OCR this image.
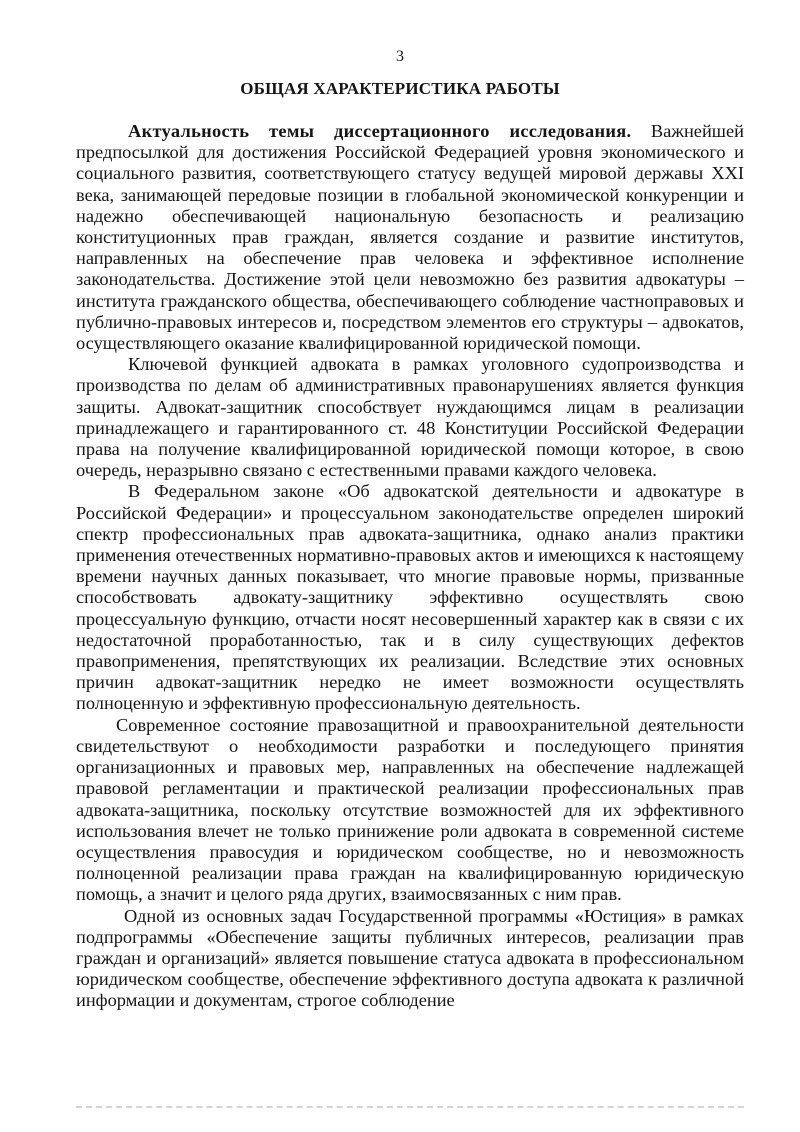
3
ОБЩАЯ ХАРАКТЕРИСТИКА РАБОТЫ

Актуальность темы диссертационного исследования. Важнейшей предпосылкой для достижения Российской Федерацией уровня экономического и социального развития, соответствующего статусу ведущей мировой державы XXI века, занимающей передовые позиции в глобальной экономической конкуренции и надежно обеспечивающей национальную безопасность и реализацию конституционных прав граждан, является создание и развитие институтов, направленных на обеспечение прав человека и эффективное исполнение законодательства. Достижение этой цели невозможно без развития адвокатуры – института гражданского общества, обеспечивающего соблюдение частноправовых и публично-правовых интересов и, посредством элементов его структуры – адвокатов, осуществляющего оказание квалифицированной юридической помощи.

Ключевой функцией адвоката в рамках уголовного судопроизводства и производства по делам об административных правонарушениях является функция защиты. Адвокат-защитник способствует нуждающимся лицам в реализации принадлежащего и гарантированного ст. 48 Конституции Российской Федерации права на получение квалифицированной юридической помощи которое, в свою очередь, неразрывно связано с естественными правами каждого человека.

В Федеральном законе «Об адвокатской деятельности и адвокатуре в Российской Федерации» и процессуальном законодательстве определен широкий спектр профессиональных прав адвоката-защитника, однако анализ практики применения отечественных нормативно-правовых актов и имеющихся к настоящему времени научных данных показывает, что многие правовые нормы, призванные способствовать адвокату-защитнику эффективно осуществлять свою процессуальную функцию, отчасти носят несовершенный характер как в связи с их недостаточной проработанностью, так и в силу существующих дефектов правоприменения, препятствующих их реализации. Вследствие этих основных причин адвокат-защитник нередко не имеет возможности осуществлять полноценную и эффективную профессиональную деятельность.

Современное состояние правозащитной и правоохранительной деятельности свидетельствуют о необходимости разработки и последующего принятия организационных и правовых мер, направленных на обеспечение надлежащей правовой регламентации и практической реализации профессиональных прав адвоката-защитника, поскольку отсутствие возможностей для их эффективного использования влечет не только принижение роли адвоката в современной системе осуществления правосудия и юридическом сообществе, но и невозможность полноценной реализации права граждан на квалифицированную юридическую помощь, а значит и целого ряда других, взаимосвязанных с ним прав.

Одной из основных задач Государственной программы «Юстиция» в рамках подпрограммы «Обеспечение защиты публичных интересов, реализации прав граждан и организаций» является повышение статуса адвоката в профессиональном юридическом сообществе, обеспечение эффективного доступа адвоката к различной информации и документам, строгое соблюдение
